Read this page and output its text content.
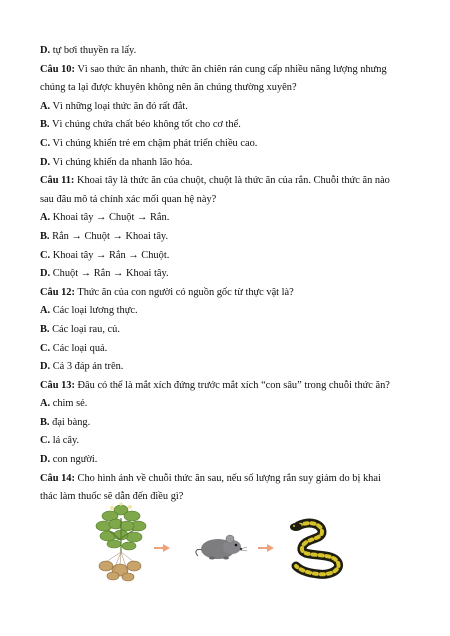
D. tự bơi thuyền ra lấy.
Câu 10: Vì sao thức ăn nhanh, thức ăn chiên rán cung cấp nhiều năng lượng nhưng
chúng ta lại được khuyên không nên ăn chúng thường xuyên?
A. Vì những loại thức ăn đó rất đắt.
B. Vì chúng chứa chất béo không tốt cho cơ thể.
C. Vì chúng khiến trẻ em chậm phát triển chiều cao.
D. Vì chúng khiến da nhanh lão hóa.
Câu 11: Khoai tây là thức ăn của chuột, chuột là thức ăn của rắn. Chuỗi thức ăn nào
sau đâu mô tả chính xác mối quan hệ này?
A. Khoai tây → Chuột → Rắn.
B. Rắn → Chuột → Khoai tây.
C. Khoai tây → Rắn → Chuột.
D. Chuột → Rắn → Khoai tây.
Câu 12: Thức ăn của con người có nguồn gốc từ thực vật là?
A. Các loại lương thực.
B. Các loại rau, củ.
C. Các loại quả.
D. Cả 3 đáp án trên.
Câu 13: Đâu có thể là mắt xích đứng trước mắt xích “con sâu” trong chuỗi thức ăn?
A. chim sẻ.
B. đại bàng.
C. lá cây.
D. con người.
Câu 14: Cho hình ảnh về chuỗi thức ăn sau, nếu số lượng rắn suy giảm do bị khai
thác làm thuốc sẽ dẫn đến điều gì?
